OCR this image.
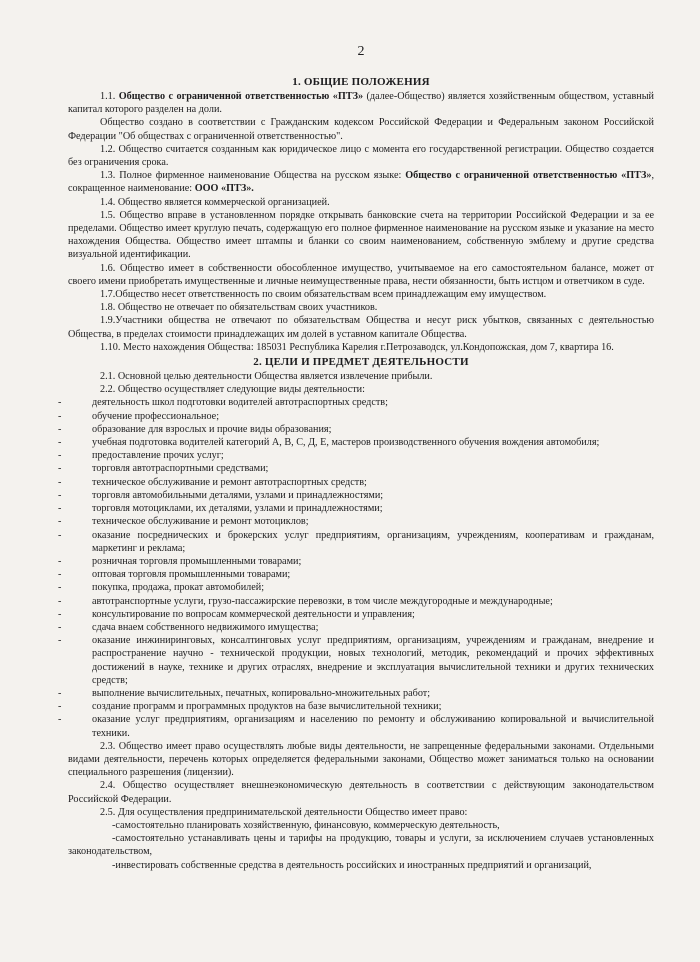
2
1. ОБЩИЕ ПОЛОЖЕНИЯ

1.1. Общество с ограниченной ответственностью «ПТЗ» (далее-Общество) является хозяйственным обществом, уставный капитал которого разделен на доли.

Общество создано в соответствии с Гражданским кодексом Российской Федерации и Федеральным законом Российской Федерации "Об обществах с ограниченной ответственностью".

1.2. Общество считается созданным как юридическое лицо с момента его государственной регистрации. Общество создается без ограничения срока.

1.3. Полное фирменное наименование Общества на русском языке: Общество с ограниченной ответственностью «ПТЗ», сокращенное наименование: ООО «ПТЗ».

1.4. Общество является коммерческой организацией.

1.5. Общество вправе в установленном порядке открывать банковские счета на территории Российской Федерации и за ее пределами. Общество имеет круглую печать, содержащую его полное фирменное наименование на русском языке и указание на место нахождения Общества. Общество имеет штампы и бланки со своим наименованием, собственную эмблему и другие средства визуальной идентификации.

1.6. Общество имеет в собственности обособленное имущество, учитываемое на его самостоятельном балансе, может от своего имени приобретать имущественные и личные неимущественные права, нести обязанности, быть истцом и ответчиком в суде.

1.7.Общество несет ответственность по своим обязательствам всем принадлежащим ему имуществом.

1.8. Общество не отвечает по обязательствам своих участников.

1.9.Участники общества не отвечают по обязательствам Общества и несут риск убытков, связанных с деятельностью Общества, в пределах стоимости принадлежащих им долей в уставном капитале Общества.

1.10. Место нахождения Общества: 185031 Республика Карелия г.Петрозаводск, ул.Кондопожская, дом 7, квартира 16.

2. ЦЕЛИ И ПРЕДМЕТ ДЕЯТЕЛЬНОСТИ

2.1. Основной целью деятельности Общества является извлечение прибыли.

2.2. Общество осуществляет следующие виды деятельности:

-	деятельность школ подготовки водителей автотраспортных средств;
-	обучение профессиональное;
-	образование для взрослых и прочие виды образования;
-	учебная подготовка водителей категорий А, В, С, Д, Е, мастеров производственного обучения вождения автомобиля;
-	предоставление прочих услуг;
-	торговля автотраспортными средствами;
-	техническое обслуживание и ремонт автотраспортных средств;
-	торговля автомобильными деталями, узлами и принадлежностями;
-	торговля мотоциклами, их деталями, узлами и принадлежностями;
-	техническое обслуживание и ремонт мотоциклов;
-	оказание посреднических и брокерских услуг предприятиям, организациям, учреждениям, кооперативам и гражданам, маркетинг и реклама;
-	розничная торговля промышленными товарами;
-	оптовая торговля промышленными товарами;
-	покупка, продажа, прокат автомобилей;
-	автотранспортные услуги, грузо-пассажирские перевозки, в том числе междугородные и международные;
-	консультирование по вопросам коммерческой деятельности и управления;
-	сдача внаем собственного недвижимого имущества;
-	оказание инжиниринговых, консалтинговых услуг предприятиям, организациям, учреждениям и гражданам, внедрение и распространение научно - технической продукции, новых технологий, методик, рекомендаций и прочих эффективных достижений в науке, технике и других отраслях, внедрение и эксплуатация вычислительной техники и других технических средств;
-	выполнение вычислительных, печатных, копировально-множительных работ;
-	создание программ и программных продуктов на базе вычислительной техники;
-	оказание услуг предприятиям, организациям и населению по ремонту и обслуживанию копировальной и вычислительной техники.

2.3. Общество имеет право осуществлять любые виды деятельности, не запрещенные федеральными законами. Отдельными видами деятельности, перечень которых определяется федеральными законами, Общество может заниматься только на основании специального разрешения (лицензии).

2.4. Общество осуществляет внешнеэкономическую деятельность в соответствии с действующим законодательством Российской Федерации.

2.5. Для осуществления предпринимательской деятельности Общество имеет право:

-самостоятельно планировать хозяйственную, финансовую, коммерческую деятельность,

-самостоятельно устанавливать цены и тарифы на продукцию, товары и услуги, за исключением случаев установленных законодательством,

-инвестировать собственные средства в деятельность российских и иностранных предприятий и организаций,
